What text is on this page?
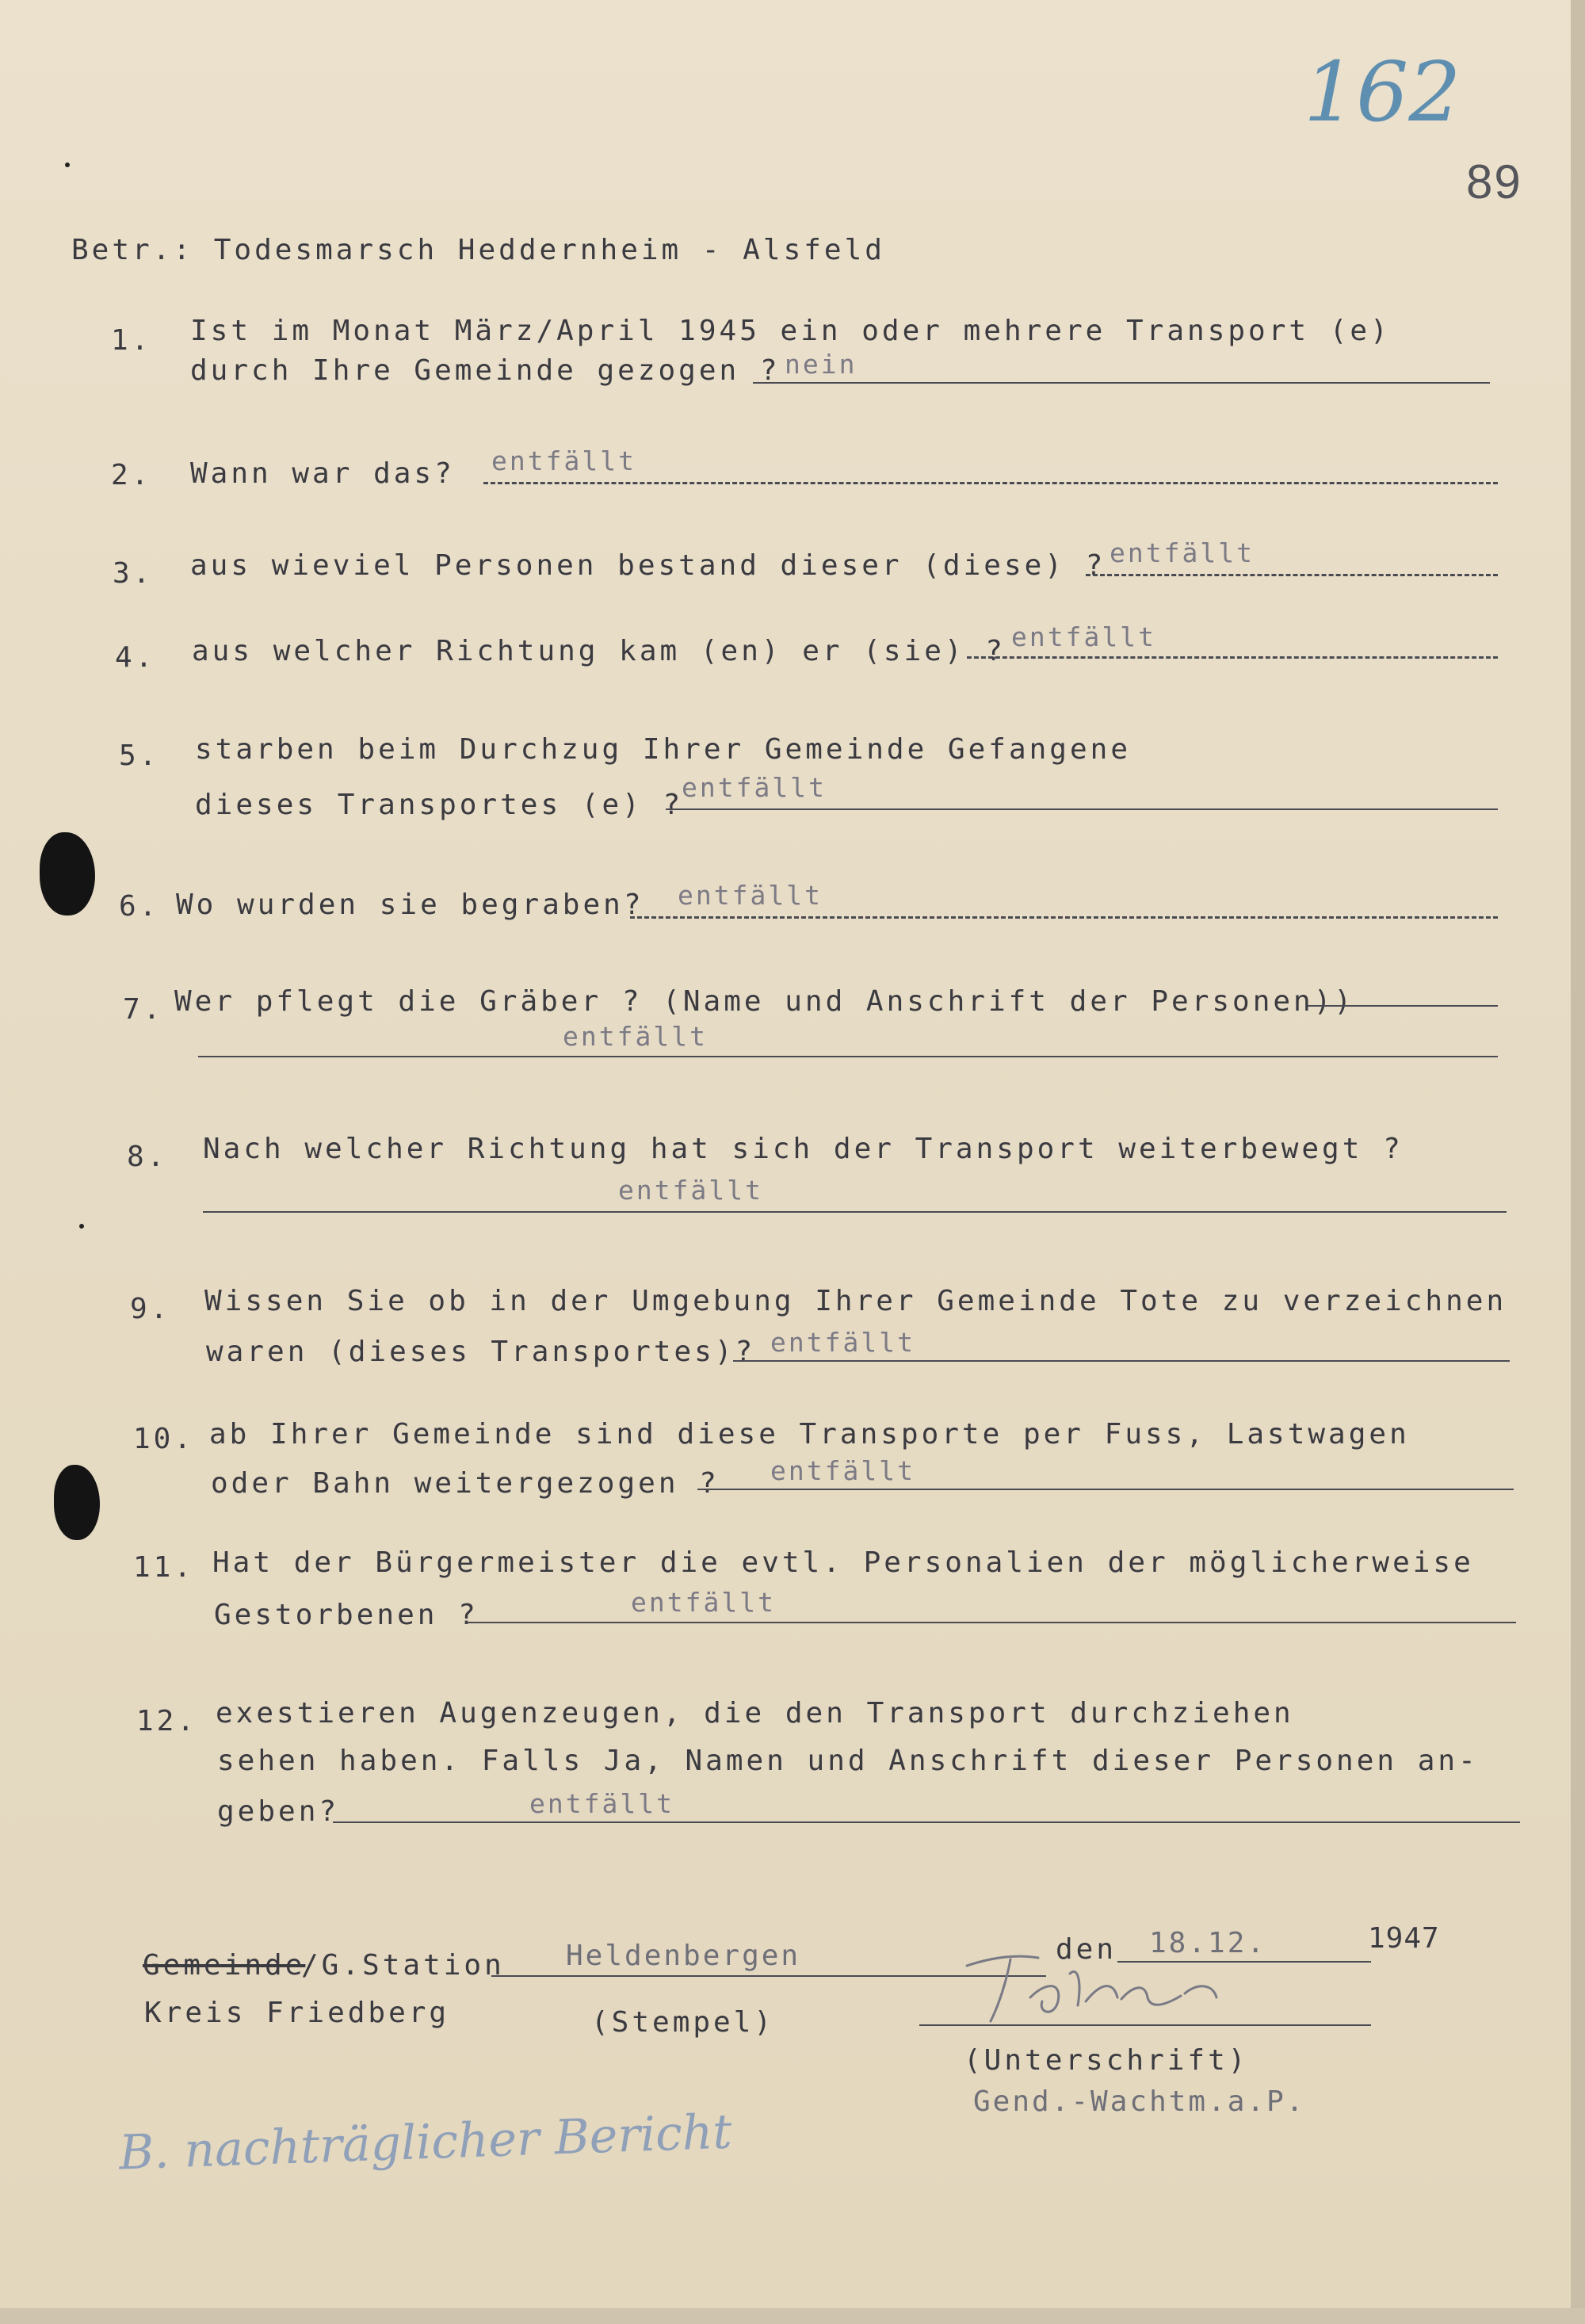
162
89
Betr.: Todesmarsch Heddernheim - Alsfeld
1. Ist im Monat März/April 1945 ein oder mehrere Transport (e)
durch Ihre Gemeinde gezogen ? nein
2. Wann war das? entfällt
3. aus wieviel Personen bestand dieser (diese) ? entfällt
4. aus welcher Richtung kam (en) er (sie) ? entfällt
5. starben beim Durchzug Ihrer Gemeinde Gefangene
dieses Transportes (e) ?
entfällt
6. Wo wurden sie begraben? entfällt
7. Wer pflegt die Gräber ? (Name und Anschrift der Personen))
entfällt
8. Nach welcher Richtung hat sich der Transport weiterbewegt ?
entfällt
9. Wissen Sie ob in der Umgebung Ihrer Gemeinde Tote zu verzeichnen
waren (dieses Transportes)? entfällt
10. ab Ihrer Gemeinde sind diese Transporte per Fuss, Lastwagen
oder Bahn weitergezogen ? entfällt
11. Hat der Bürgermeister die evtl. Personalien der möglicherweise
Gestorbenen ?	entfällt
12. exestieren Augenzeugen, die den Transport durchziehen
sehen haben. Falls Ja, Namen und Anschrift dieser Personen an-
geben?	entfällt
Gemeinde
/G.Station Heldenbergen	den 18.12.	1947
Kreis Friedberg	(Stempel)
(Unterschrift)
Gend.-Wachtm.a.P.
B. nachträglicher Bericht
